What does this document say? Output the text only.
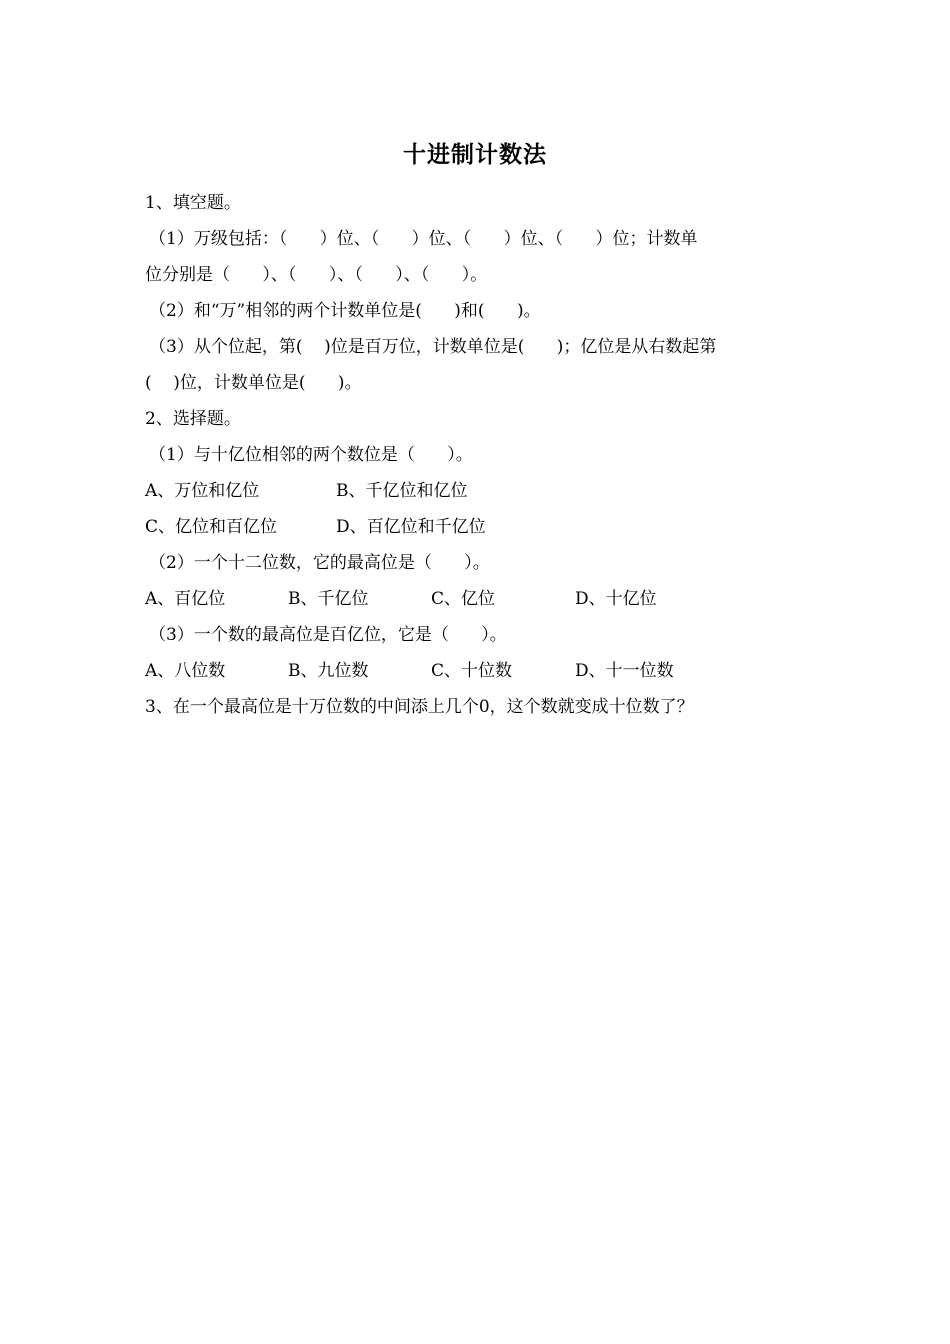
十进制计数法
1、填空题。
（1）万级包括：（      ）位、（      ）位、（      ）位、（      ）位；计数单
位分别是（      ）、（      ）、（      ）、（      ）。
（2）和“万”相邻的两个计数单位是(      )和(      )。
（3）从个位起，第(    )位是百万位，计数单位是(      )；亿位是从右数起第
(    )位，计数单位是(      )。
2、选择题。
（1）与十亿位相邻的两个数位是（      ）。
A、万位和亿位	B、千亿位和亿位
C、亿位和百亿位	D、百亿位和千亿位
（2）一个十二位数，它的最高位是（      ）。
A、百亿位	B、千亿位	C、亿位	D、十亿位
（3）一个数的最高位是百亿位，它是（      ）。
A、八位数	B、九位数	C、十位数	D、十一位数
3、在一个最高位是十万位数的中间添上几个0，这个数就变成十位数了？
